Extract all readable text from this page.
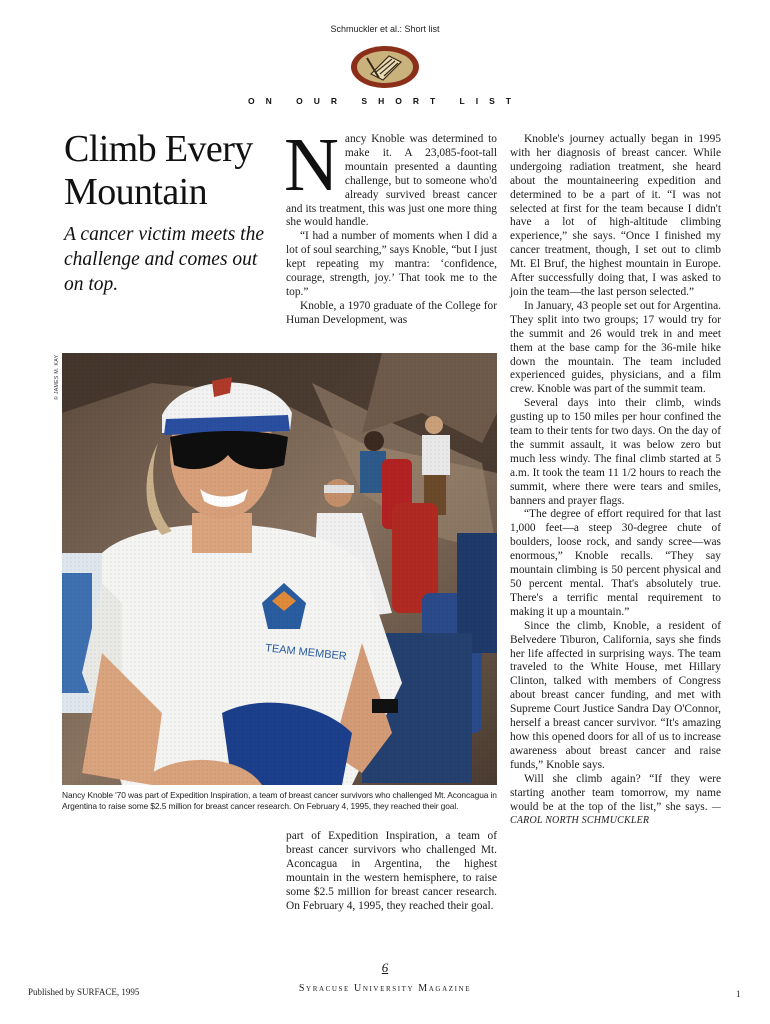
Schmuckler et al.: Short list
ON OUR SHORT LIST
Climb Every Mountain
A cancer victim meets the challenge and comes out on top.
N ancy Knoble was determined to make it. A 23,085-foot-tall mountain presented a daunting challenge, but to someone who'd already survived breast cancer and its treatment, this was just one more thing she would handle.

“I had a number of moments when I did a lot of soul searching,” says Knoble, “but I just kept repeating my mantra: ‘confidence, courage, strength, joy.’ That took me to the top.”

Knoble, a 1970 graduate of the College for Human Development, was

© JAMES M. KAY
Nancy Knoble '70 was part of Expedition Inspiration, a team of breast cancer survivors who challenged Mt. Aconcagua in Argentina to raise some $2.5 million for breast cancer research. On February 4, 1995, they reached their goal.

part of Expedition Inspiration, a team of breast cancer survivors who challenged Mt. Aconcagua in Argentina, the highest mountain in the western hemisphere, to raise some $2.5 million for breast cancer research. On February 4, 1995, they reached their goal.

Knoble's journey actually began in 1995 with her diagnosis of breast cancer. While undergoing radiation treatment, she heard about the mountaineering expedition and determined to be a part of it. “I was not selected at first for the team because I didn't have a lot of high-altitude climbing experience,” she says. “Once I finished my cancer treatment, though, I set out to climb Mt. El Bruf, the highest mountain in Europe. After successfully doing that, I was asked to join the team—the last person selected.”

In January, 43 people set out for Argentina. They split into two groups; 17 would try for the summit and 26 would trek in and meet them at the base camp for the 36-mile hike down the mountain. The team included experienced guides, physicians, and a film crew. Knoble was part of the summit team.

Several days into their climb, winds gusting up to 150 miles per hour confined the team to their tents for two days. On the day of the summit assault, it was below zero but much less windy. The final climb started at 5 a.m. It took the team 11 1/2 hours to reach the summit, where there were tears and smiles, banners and prayer flags.

“The degree of effort required for that last 1,000 feet—a steep 30-degree chute of boulders, loose rock, and sandy scree—was enormous,” Knoble recalls. “They say mountain climbing is 50 percent physical and 50 percent mental. That's absolutely true. There's a terrific mental requirement to making it up a mountain.”

Since the climb, Knoble, a resident of Belvedere Tiburon, California, says she finds her life affected in surprising ways. The team traveled to the White House, met Hillary Clinton, talked with members of Congress about breast cancer funding, and met with Supreme Court Justice Sandra Day O'Connor, herself a breast cancer survivor. “It's amazing how this opened doors for all of us to increase awareness about breast cancer and raise funds,” Knoble says.

Will she climb again? “If they were starting another team tomorrow, my name would be at the top of the list,” she says. —CAROL NORTH SCHMUCKLER

6
Syracuse University Magazine
Published by SURFACE, 1995	1
